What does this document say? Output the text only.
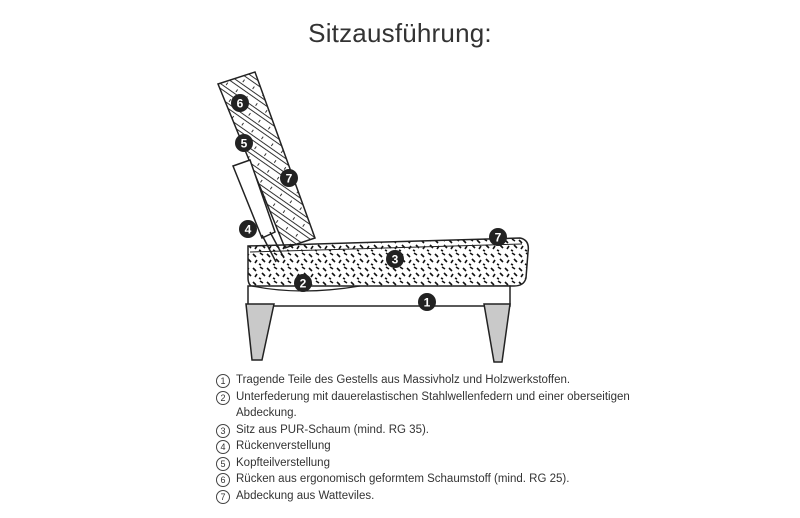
Sitzausführung:
6
5
7
4
7
3
2
1
1 Tragende Teile des Gestells aus Massivholz und Holzwerkstoffen.
2 Unterfederung mit dauerelastischen Stahlwellenfedern und einer oberseitigen Abdeckung.
3 Sitz aus PUR-Schaum (mind. RG 35).
4 Rückenverstellung
5 Kopfteilverstellung
6 Rücken aus ergonomisch geformtem Schaumstoff (mind. RG 25).
7 Abdeckung aus Watteviles.
